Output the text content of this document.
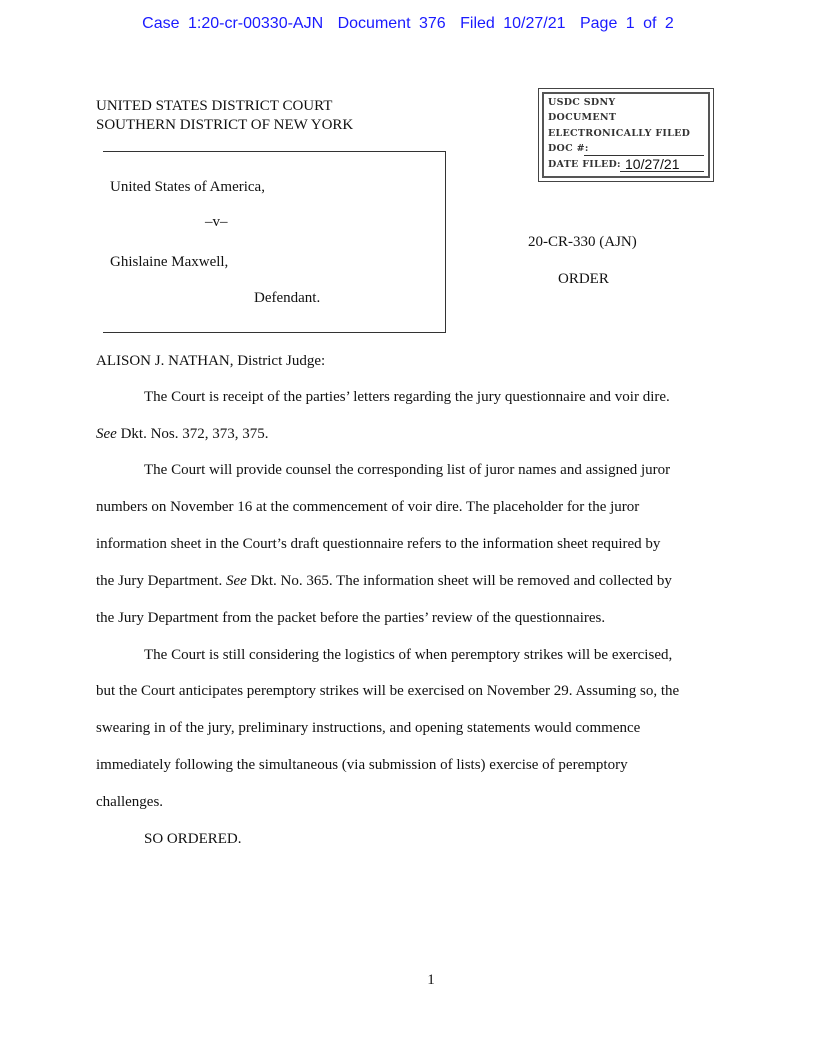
Case 1:20-cr-00330-AJN Document 376 Filed 10/27/21 Page 1 of 2
UNITED STATES DISTRICT COURT
SOUTHERN DISTRICT OF NEW YORK
USDC SDNY
DOCUMENT
ELECTRONICALLY FILED
DOC #:
DATE FILED: 10/27/21
United States of America,
–v–
Ghislaine Maxwell,
Defendant.
20-CR-330 (AJN)
ORDER
ALISON J. NATHAN, District Judge:
The Court is receipt of the parties’ letters regarding the jury questionnaire and voir dire.
See Dkt. Nos. 372, 373, 375.
The Court will provide counsel the corresponding list of juror names and assigned juror
numbers on November 16 at the commencement of voir dire. The placeholder for the juror
information sheet in the Court’s draft questionnaire refers to the information sheet required by
the Jury Department. See Dkt. No. 365. The information sheet will be removed and collected by
the Jury Department from the packet before the parties’ review of the questionnaires.
The Court is still considering the logistics of when peremptory strikes will be exercised,
but the Court anticipates peremptory strikes will be exercised on November 29. Assuming so, the
swearing in of the jury, preliminary instructions, and opening statements would commence
immediately following the simultaneous (via submission of lists) exercise of peremptory
challenges.
SO ORDERED.
1
